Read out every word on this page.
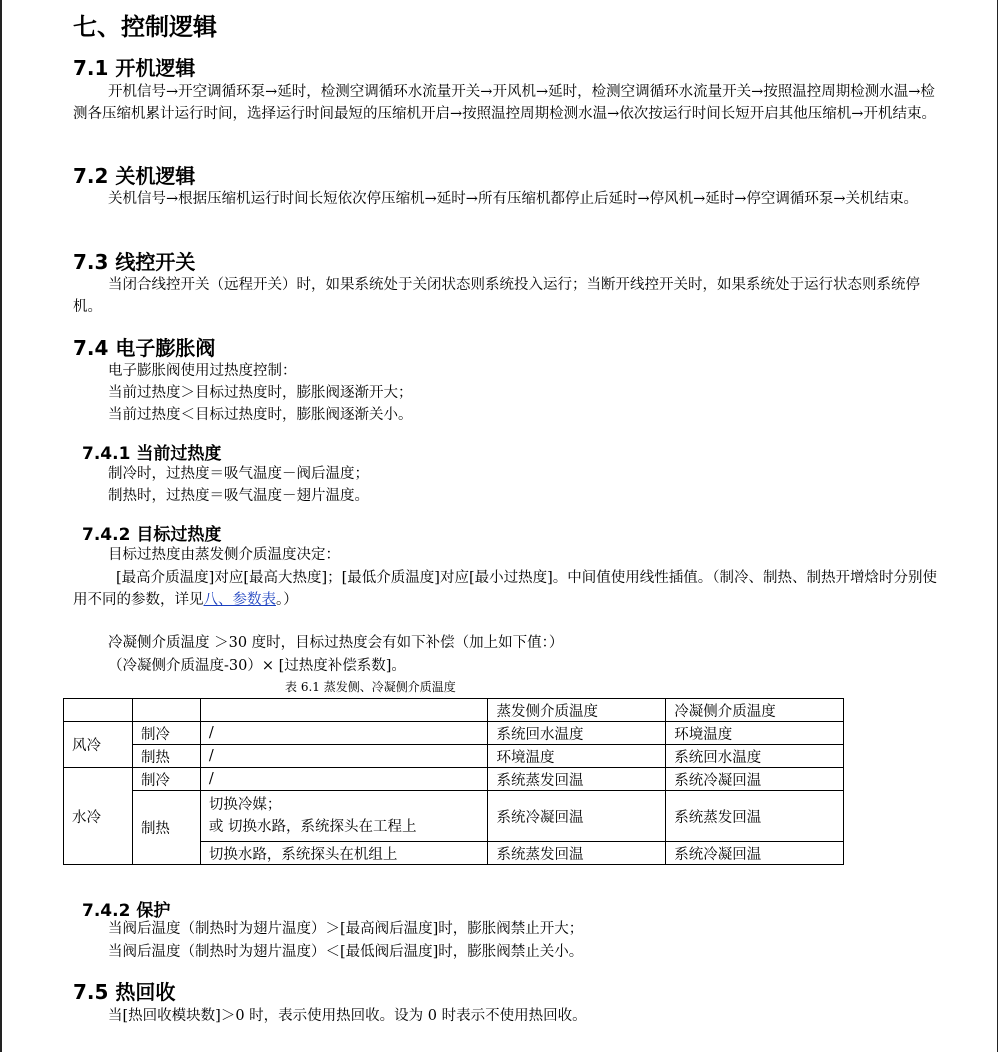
七、控制逻辑
7.1 开机逻辑

开机信号→开空调循环泵→延时，检测空调循环水流量开关→开风机→延时，检测空调循环水流量开关→按照温控周期检测水温→检测各压缩机累计运行时间，选择运行时间最短的压缩机开启→按照温控周期检测水温→依次按运行时间长短开启其他压缩机→开机结束。

7.2 关机逻辑

关机信号→根据压缩机运行时间长短依次停压缩机→延时→所有压缩机都停止后延时→停风机→延时→停空调循环泵→关机结束。

7.3 线控开关

当闭合线控开关（远程开关）时，如果系统处于关闭状态则系统投入运行；当断开线控开关时，如果系统处于运行状态则系统停机。

7.4 电子膨胀阀

电子膨胀阀使用过热度控制：

当前过热度＞目标过热度时，膨胀阀逐渐开大；

当前过热度＜目标过热度时，膨胀阀逐渐关小。

7.4.1 当前过热度

制冷时，过热度＝吸气温度－阀后温度；

制热时，过热度＝吸气温度－翅片温度。

7.4.2 目标过热度

目标过热度由蒸发侧介质温度决定：

[最高介质温度]对应[最高大热度]；[最低介质温度]对应[最小过热度]。中间值使用线性插值。（制冷、制热、制热开增焓时分别使用不同的参数，详见八、参数表。）

冷凝侧介质温度 ＞30 度时，目标过热度会有如下补偿（加上如下值：）

（冷凝侧介质温度-30）× [过热度补偿系数]。

表 6.1 蒸发侧、冷凝侧介质温度

			蒸发侧介质温度	冷凝侧介质温度
风冷	制冷	/	系统回水温度	环境温度
	制热	/	环境温度	系统回水温度
水冷	制冷	/	系统蒸发回温	系统冷凝回温
	制热	切换冷媒；
或 切换水路，系统探头在工程上	系统冷凝回温	系统蒸发回温
		切换水路，系统探头在机组上	系统蒸发回温	系统冷凝回温
7.4.2 保护

当阀后温度（制热时为翅片温度）＞[最高阀后温度]时，膨胀阀禁止开大；

当阀后温度（制热时为翅片温度）＜[最低阀后温度]时，膨胀阀禁止关小。

7.5 热回收

当[热回收模块数]＞0 时，表示使用热回收。设为 0 时表示不使用热回收。
